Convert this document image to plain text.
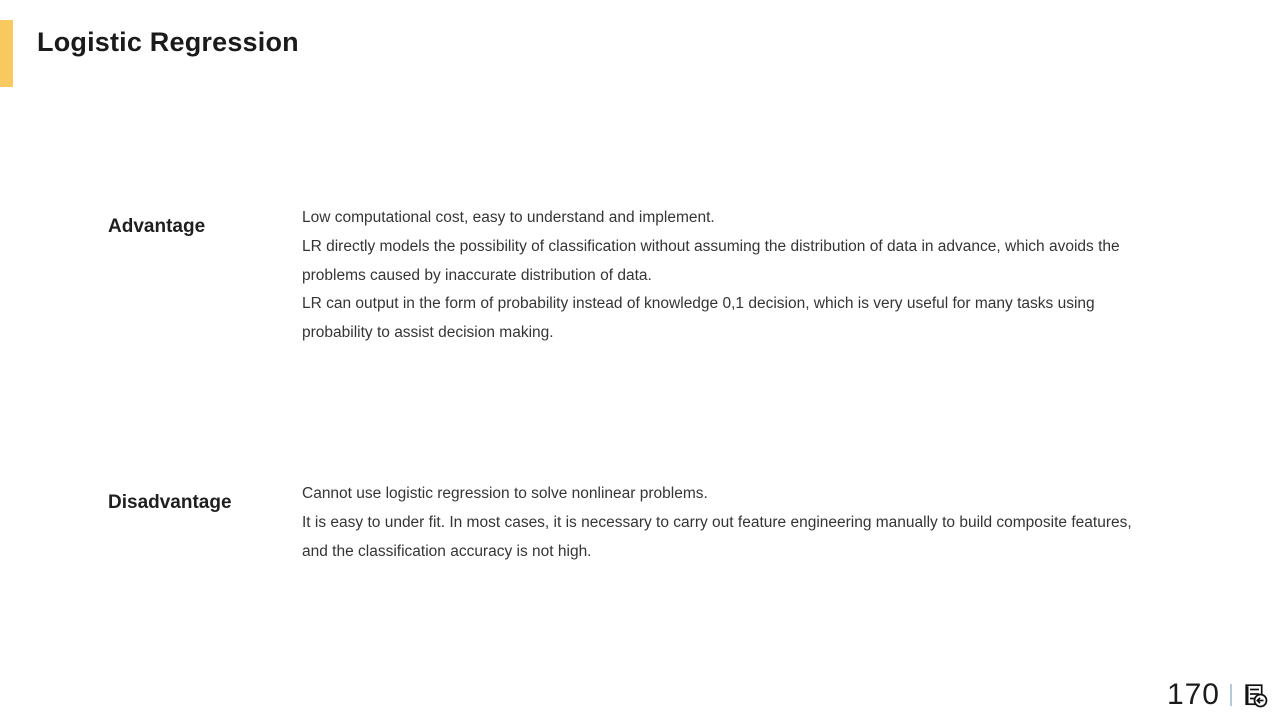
Logistic Regression
Advantage	Low computational cost, easy to understand and implement.

LR directly models the possibility of classification without assuming the distribution of data in advance, which avoids the problems caused by inaccurate distribution of data.

LR can output in the form of probability instead of knowledge 0,1 decision, which is very useful for many tasks using probability to assist decision making.

Disadvantage	Cannot use logistic regression to solve nonlinear problems.

It is easy to under fit. In most cases, it is necessary to carry out feature engineering manually to build composite features, and the classification accuracy is not high.

170
